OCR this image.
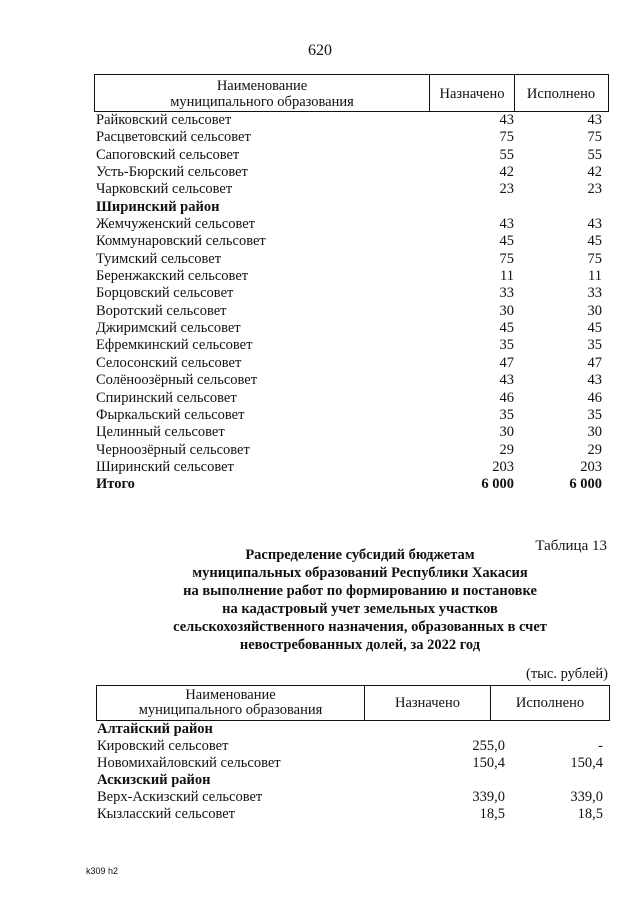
620
Наименование
муниципального образования	Назначено	Исполнено
Райковский сельсовет	43	43
Расцветовский сельсовет	75	75
Сапоговский сельсовет	55	55
Усть-Бюрский сельсовет	42	42
Чарковский сельсовет	23	23
Ширинский район
Жемчуженский сельсовет	43	43
Коммунаровский сельсовет	45	45
Туимский сельсовет	75	75
Беренжакский сельсовет	11	11
Борцовский сельсовет	33	33
Воротский сельсовет	30	30
Джиримский сельсовет	45	45
Ефремкинский сельсовет	35	35
Селосонский сельсовет	47	47
Солёноозёрный сельсовет	43	43
Спиринский сельсовет	46	46
Фыркальский сельсовет	35	35
Целинный сельсовет	30	30
Черноозёрный сельсовет	29	29
Ширинский сельсовет	203	203
Итого	6 000	6 000
Таблица 13
Распределение субсидий бюджетам
муниципальных образований Республики Хакасия
на выполнение работ по формированию и постановке
на кадастровый учет земельных участков
сельскохозяйственного назначения, образованных в счет
невостребованных долей, за 2022 год
(тыс. рублей)
Наименование
муниципального образования	Назначено	Исполнено
Алтайский район
Кировский сельсовет	255,0	-
Новомихайловский сельсовет	150,4	150,4
Аскизский район
Верх-Аскизский сельсовет	339,0	339,0
Кызласский сельсовет	18,5	18,5
k309 h2
